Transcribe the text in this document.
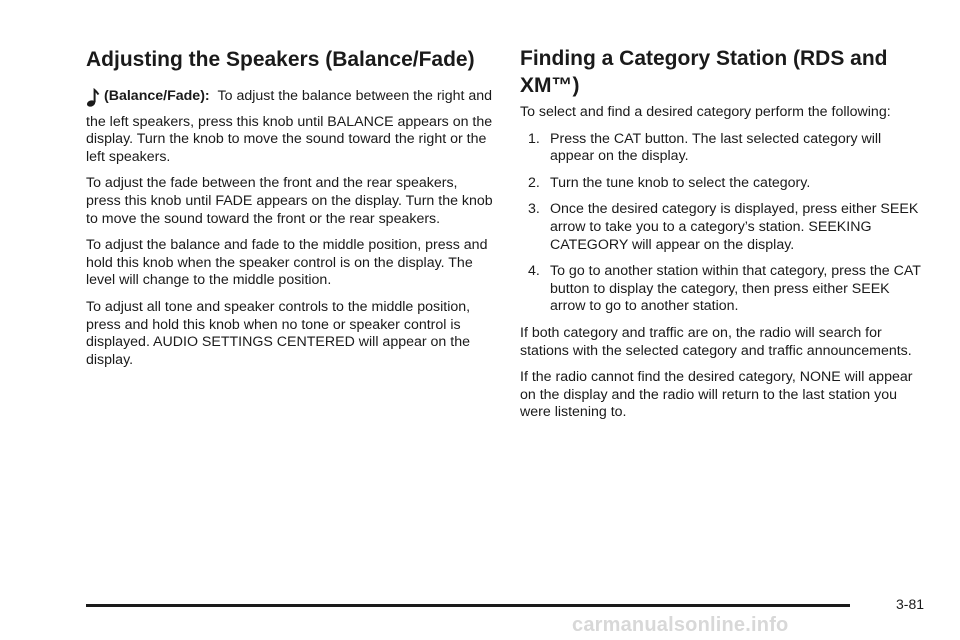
Adjusting the Speakers (Balance/Fade)

(Balance/Fade): To adjust the balance between the right and the left speakers, press this knob until BALANCE appears on the display. Turn the knob to move the sound toward the right or the left speakers.

To adjust the fade between the front and the rear speakers, press this knob until FADE appears on the display. Turn the knob to move the sound toward the front or the rear speakers.

To adjust the balance and fade to the middle position, press and hold this knob when the speaker control is on the display. The level will change to the middle position.

To adjust all tone and speaker controls to the middle position, press and hold this knob when no tone or speaker control is displayed. AUDIO SETTINGS CENTERED will appear on the display.

Finding a Category Station (RDS and XM™)

To select and find a desired category perform the following:

1. Press the CAT button. The last selected category will appear on the display.
2. Turn the tune knob to select the category.
3. Once the desired category is displayed, press either SEEK arrow to take you to a category’s station. SEEKING CATEGORY will appear on the display.
4. To go to another station within that category, press the CAT button to display the category, then press either SEEK arrow to go to another station.

If both category and traffic are on, the radio will search for stations with the selected category and traffic announcements.

If the radio cannot find the desired category, NONE will appear on the display and the radio will return to the last station you were listening to.

3-81
carmanualsonline.info
